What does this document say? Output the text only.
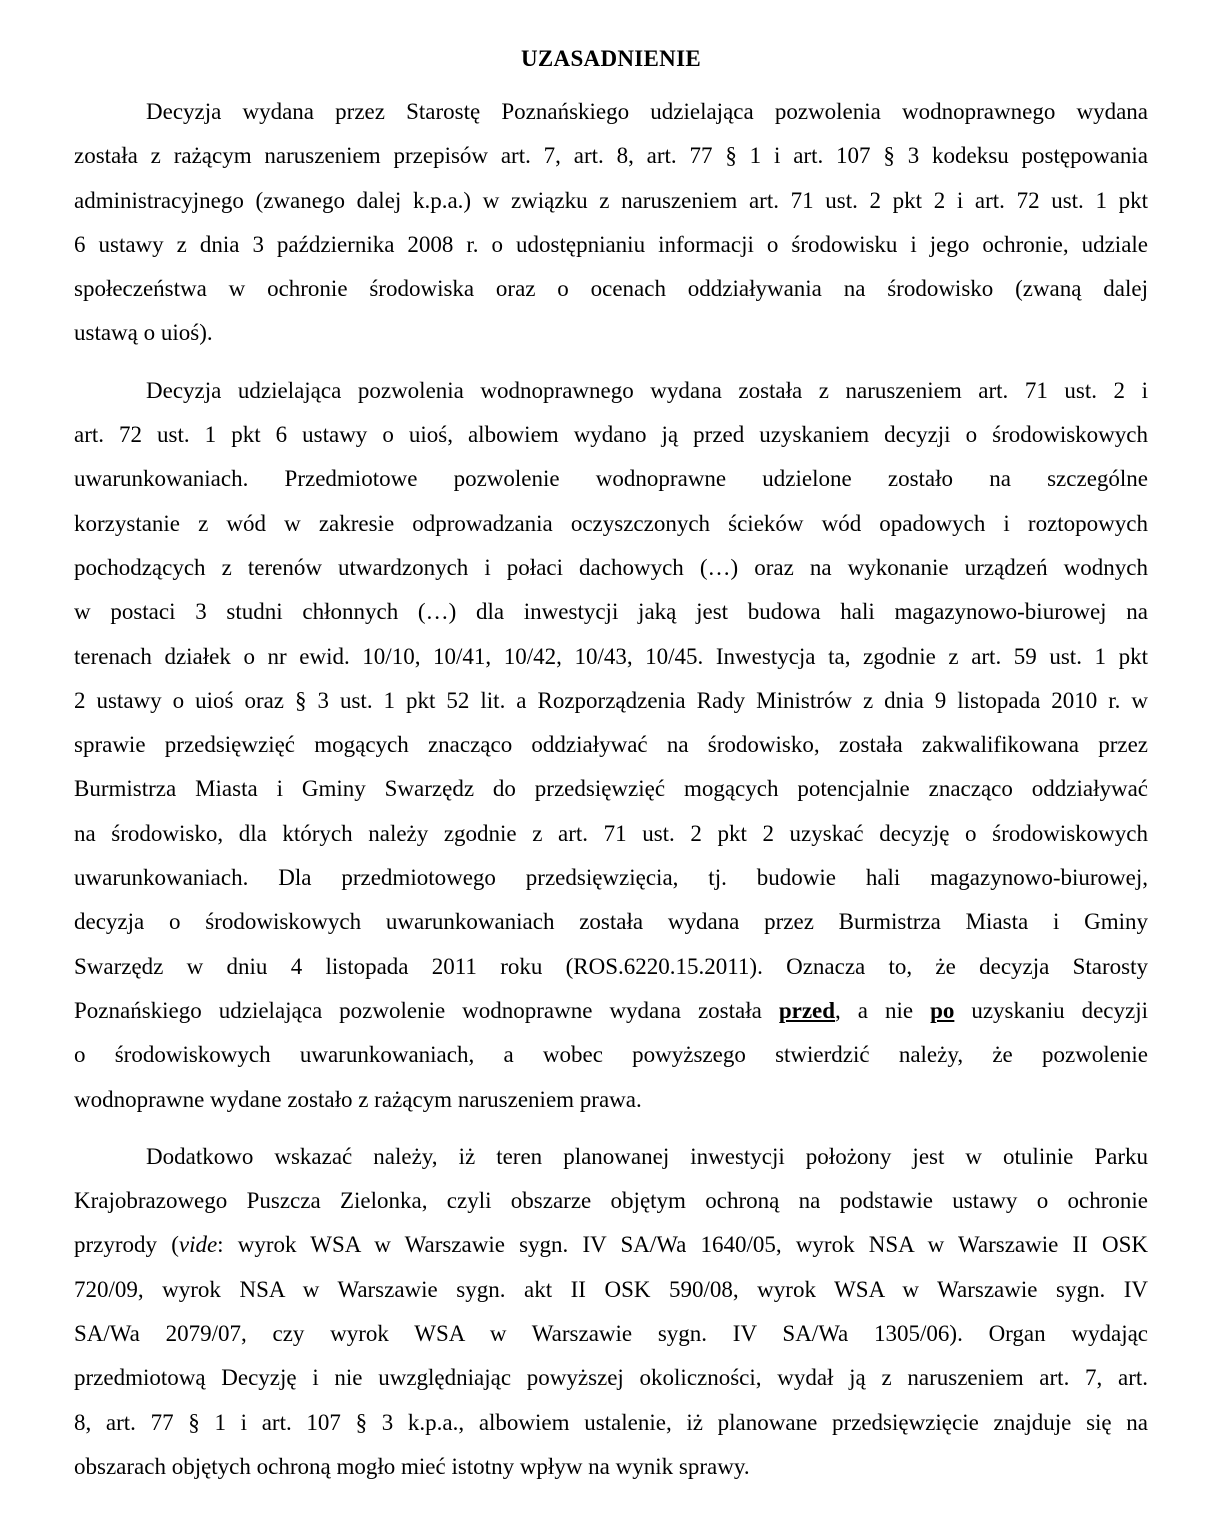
UZASADNIENIE
Decyzja wydana przez Starostę Poznańskiego udzielająca pozwolenia wodnoprawnego wydana
została z rażącym naruszeniem przepisów art. 7, art. 8, art. 77 § 1 i art. 107 § 3 kodeksu postępowania
administracyjnego (zwanego dalej k.p.a.) w związku z naruszeniem art. 71 ust. 2 pkt 2 i art. 72 ust. 1 pkt
6 ustawy z dnia 3 października 2008 r. o udostępnianiu informacji o środowisku i jego ochronie, udziale
społeczeństwa w ochronie środowiska oraz o ocenach oddziaływania na środowisko (zwaną dalej
ustawą o uioś).
Decyzja udzielająca pozwolenia wodnoprawnego wydana została z naruszeniem art. 71 ust. 2 i
art. 72 ust. 1 pkt 6 ustawy o uioś, albowiem wydano ją przed uzyskaniem decyzji o środowiskowych
uwarunkowaniach. Przedmiotowe pozwolenie wodnoprawne udzielone zostało na szczególne
korzystanie z wód w zakresie odprowadzania oczyszczonych ścieków wód opadowych i roztopowych
pochodzących z terenów utwardzonych i połaci dachowych (…) oraz na wykonanie urządzeń wodnych
w postaci 3 studni chłonnych (…) dla inwestycji jaką jest budowa hali magazynowo-biurowej na
terenach działek o nr ewid. 10/10, 10/41, 10/42, 10/43, 10/45. Inwestycja ta, zgodnie z art. 59 ust. 1 pkt
2 ustawy o uioś oraz § 3 ust. 1 pkt 52 lit. a Rozporządzenia Rady Ministrów z dnia 9 listopada 2010 r. w
sprawie przedsięwzięć mogących znacząco oddziaływać na środowisko, została zakwalifikowana przez
Burmistrza Miasta i Gminy Swarzędz do przedsięwzięć mogących potencjalnie znacząco oddziaływać
na środowisko, dla których należy zgodnie z art. 71 ust. 2 pkt 2 uzyskać decyzję o środowiskowych
uwarunkowaniach. Dla przedmiotowego przedsięwzięcia, tj. budowie hali magazynowo-biurowej,
decyzja o środowiskowych uwarunkowaniach została wydana przez Burmistrza Miasta i Gminy
Swarzędz w dniu 4 listopada 2011 roku (ROS.6220.15.2011). Oznacza to, że decyzja Starosty
Poznańskiego udzielająca pozwolenie wodnoprawne wydana została przed, a nie po uzyskaniu decyzji
o środowiskowych uwarunkowaniach, a wobec powyższego stwierdzić należy, że pozwolenie
wodnoprawne wydane zostało z rażącym naruszeniem prawa.
Dodatkowo wskazać należy, iż teren planowanej inwestycji położony jest w otulinie Parku
Krajobrazowego Puszcza Zielonka, czyli obszarze objętym ochroną na podstawie ustawy o ochronie
przyrody (vide: wyrok WSA w Warszawie sygn. IV SA/Wa 1640/05, wyrok NSA w Warszawie II OSK
720/09, wyrok NSA w Warszawie sygn. akt II OSK 590/08, wyrok WSA w Warszawie sygn. IV
SA/Wa 2079/07, czy wyrok WSA w Warszawie sygn. IV SA/Wa 1305/06). Organ wydając
przedmiotową Decyzję i nie uwzględniając powyższej okoliczności, wydał ją z naruszeniem art. 7, art.
8, art. 77 § 1 i art. 107 § 3 k.p.a., albowiem ustalenie, iż planowane przedsięwzięcie znajduje się na
obszarach objętych ochroną mogło mieć istotny wpływ na wynik sprawy.
